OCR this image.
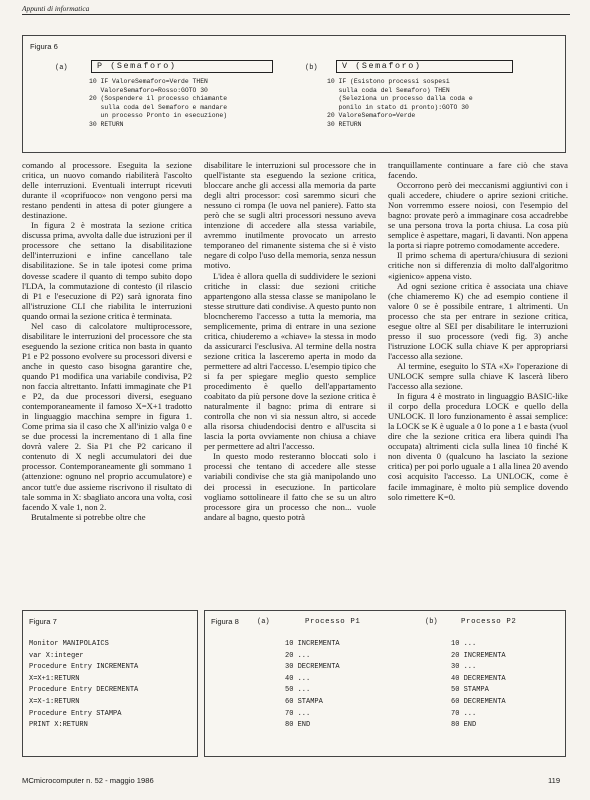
Appunti di informatica
Figura 6
(a)	P (Semaforo)
10 IF ValoreSemaforo=Verde THEN
ValoreSemaforo=Rosso:GOTO 30
20 (Sospendere il processo chiamante
sulla coda del Semaforo e mandare
un processo Pronto in esecuzione)
30 RETURN
(b)	V (Semaforo)
10 IF (Esistono processi sospesi
sulla coda del Semaforo) THEN
(Seleziona un processo dalla coda e
ponilo in stato di pronto):GOTO 30
20 ValoreSemaforo=Verde
30 RETURN

comando al processore. Eseguita la sezione critica, un nuovo comando riabiliterà l'ascolto delle interruzioni. Eventuali interrupt ricevuti durante il «coprifuoco» non vengono persi ma restano pendenti in attesa di poter giungere a destinazione.

In figura 2 è mostrata la sezione critica discussa prima, avvolta dalle due istruzioni per il processore che settano la disabilitazione dell'interruzioni e infine cancellano tale disabilitazione. Se in tale ipotesi come prima dovesse scadere il quanto di tempo subito dopo l'LDA, la commutazione di contesto (il rilascio di P1 e l'esecuzione di P2) sarà ignorata fino all'istruzione CLI che riabilita le interruzioni quando ormai la sezione critica è terminata.

Nel caso di calcolatore multiprocessore, disabilitare le interruzioni del processore che sta eseguendo la sezione critica non basta in quanto P1 e P2 possono evolvere su processori diversi e anche in questo caso bisogna garantire che, quando P1 modifica una variabile condivisa, P2 non faccia altrettanto. Infatti immaginate che P1 e P2, da due processori diversi, eseguano contemporaneamente il famoso X=X+1 tradotto in linguaggio macchina sempre in figura 1. Come prima sia il caso che X all'inizio valga 0 e se due processi la incrementano di 1 alla fine dovrà valere 2. Sia P1 che P2 caricano il contenuto di X negli accumulatori dei due processor. Contemporaneamente gli sommano 1 (attenzione: ognuno nel proprio accumulatore) e ancor tutt'e due assieme riscrivono il risultato di tale somma in X: sbagliato ancora una volta, così facendo X vale 1, non 2.

Brutalmente si potrebbe oltre che

disabilitare le interruzioni sul processore che in quell'istante sta eseguendo la sezione critica, bloccare anche gli accessi alla memoria da parte degli altri processor: così saremmo sicuri che nessuno ci rompa (le uova nel paniere). Fatto sta però che se sugli altri processori nessuno aveva intenzione di accedere alla stessa variabile, avremmo inutilmente provocato un arresto temporaneo del rimanente sistema che si è visto negare di colpo l'uso della memoria, senza nessun motivo.

L'idea è allora quella di suddividere le sezioni critiche in classi: due sezioni critiche appartengono alla stessa classe se manipolano le stesse strutture dati condivise. A questo punto non blocncheremo l'accesso a tutta la memoria, ma semplicemente, prima di entrare in una sezione critica, chiuderemo a «chiave» la stessa in modo da assicurarci l'esclusiva. Al termine della nostra sezione critica la lasceremo aperta in modo da permettere ad altri l'accesso. L'esempio tipico che si fa per spiegare meglio questo semplice procedimento è quello dell'appartamento coabitato da più persone dove la sezione critica è naturalmente il bagno: prima di entrare si controlla che non vi sia nessun altro, si accede alla risorsa chiudendocisi dentro e all'uscita si lascia la porta ovviamente non chiusa a chiave per permettere ad altri l'accesso.

In questo modo resteranno bloccati solo i processi che tentano di accedere alle stesse variabili condivise che sta già manipolando uno dei processi in esecuzione. In particolare vogliamo sottolineare il fatto che se su un altro processore gira un processo che non... vuole andare al bagno, questo potrà

tranquillamente continuare a fare ciò che stava facendo.

Occorrono però dei meccanismi aggiuntivi con i quali accedere, chiudere o aprire sezioni critiche. Non vorremmo essere noiosi, con l'esempio del bagno: provate però a immaginare cosa accadrebbe se una persona trova la porta chiusa. La cosa più semplice è aspettare, magari, lì davanti. Non appena la porta si riapre potremo comodamente accedere.

Il primo schema di apertura/chiusura di sezioni critiche non si differenzia di molto dall'algoritmo «igienico» appena visto.

Ad ogni sezione critica è associata una chiave (che chiameremo K) che ad esempio contiene il valore 0 se è possibile entrare, 1 altrimenti. Un processo che sta per entrare in sezione critica, esegue oltre al SEI per disabilitare le interruzioni presso il suo processore (vedi fig. 3) anche l'istruzione LOCK sulla chiave K per appropriarsi l'accesso alla sezione.

Al termine, eseguito lo STA «X» l'operazione di UNLOCK sempre sulla chiave K lascerà libero l'accesso alla sezione.

In figura 4 è mostrato in linguaggio BASIC-like il corpo della procedura LOCK e quello della UNLOCK. Il loro funzionamento è assai semplice: la LOCK se K è uguale a 0 lo pone a 1 e basta (vuol dire che la sezione critica era libera quindi l'ha occupata) altrimenti cicla sulla linea 10 finché K non diventa 0 (qualcuno ha lasciato la sezione critica) per poi porlo uguale a 1 alla linea 20 avendo così acquisito l'accesso. La UNLOCK, come è facile immaginare, è molto più semplice dovendo solo rimettere K=0.

Figura 7
Monitor MANIPOLAICS
var X:integer
Procedure Entry INCREMENTA
X=X+1:RETURN
Procedure Entry DECREMENTA
X=X-1:RETURN
Procedure Entry STAMPA
PRINT X:RETURN
Figura 8	(a)	Processo P1
10 INCREMENTA
20 ...
30 DECREMENTA
40 ...
50 ...
60 STAMPA
70 ...
80 END
(b)	Processo P2
10 ...
20 INCREMENTA
30 ...
40 DECREMENTA
50 STAMPA
60 DECREMENTA
70 ...
80 END
MCmicrocomputer n. 52 - maggio 1986	119
